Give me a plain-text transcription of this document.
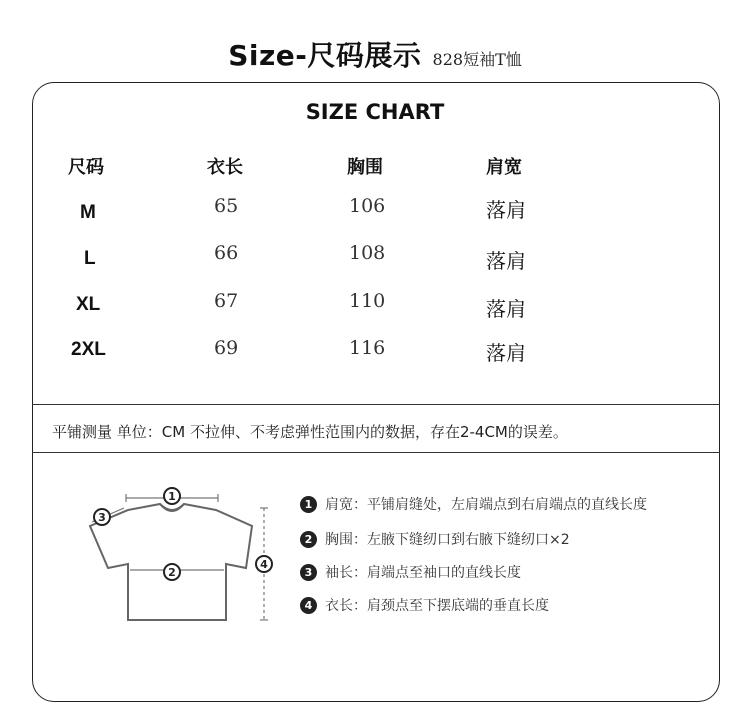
Size-尺码展示 828短袖T恤
SIZE CHART
尺码	衣长	胸围	肩宽
M	65	106	落肩
L	66	108	落肩
XL	67	110	落肩
2XL	69	116	落肩
平铺测量 单位：CM 不拉伸、不考虑弹性范围内的数据，存在2-4CM的误差。
1
2
3
4
1 肩宽：平铺肩缝处，左肩端点到右肩端点的直线长度
2 胸围：左腋下缝纫口到右腋下缝纫口×2
3 袖长：肩端点至袖口的直线长度
4 衣长：肩颈点至下摆底端的垂直长度
